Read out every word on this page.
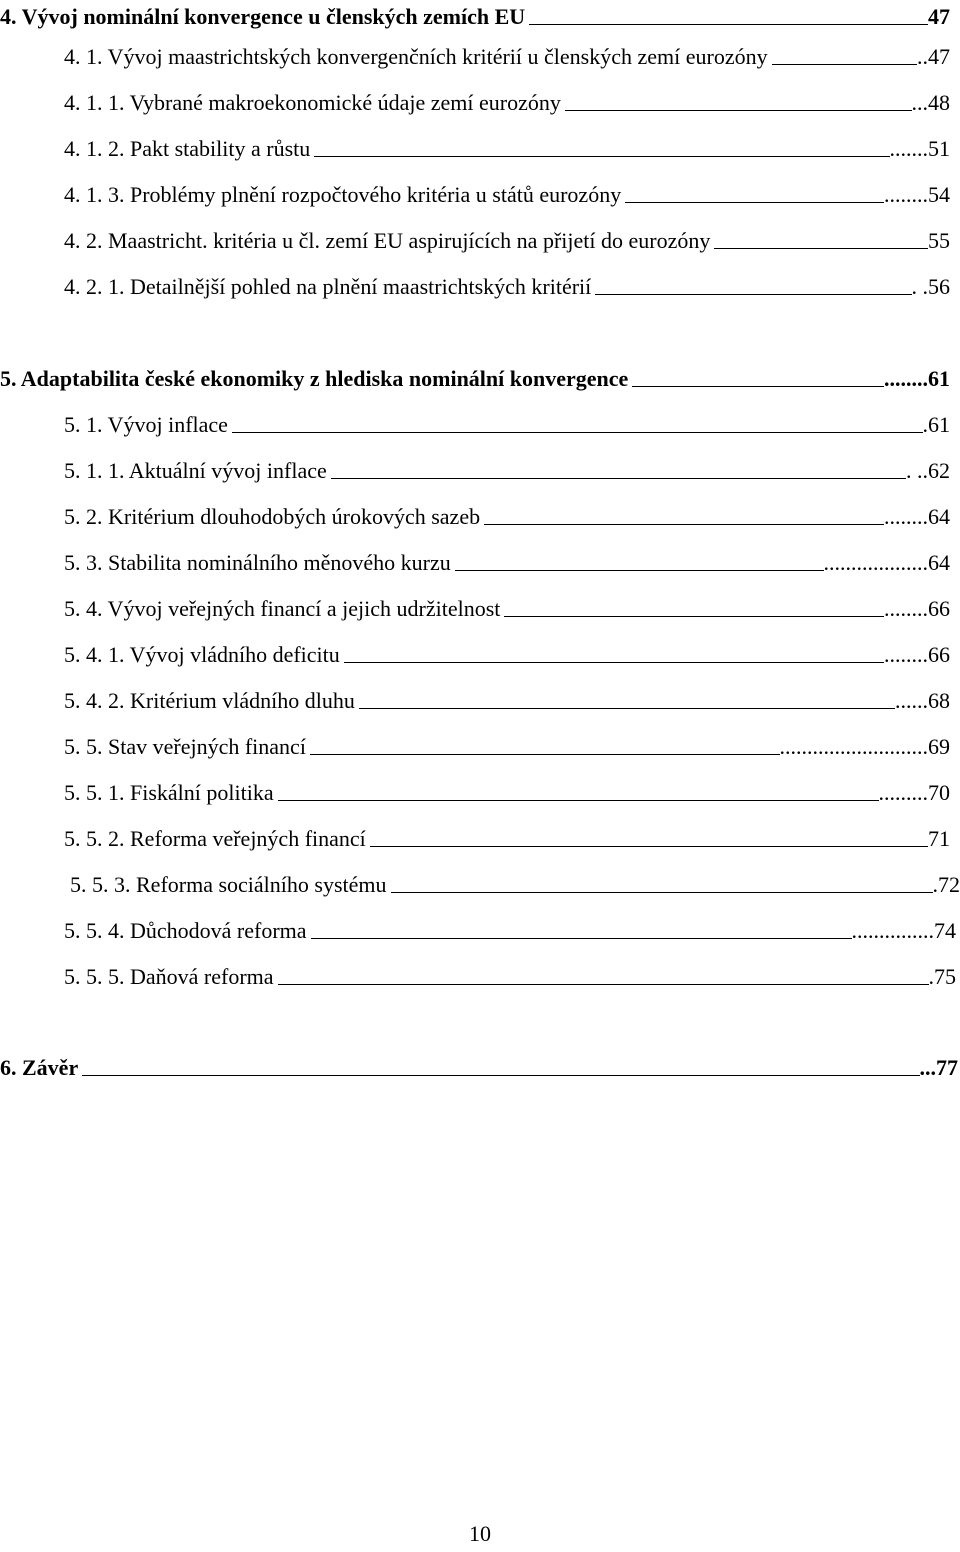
4. Vývoj nominální konvergence u členských zemích EU	47
4. 1. Vývoj maastrichtských konvergenčních kritérií u členských zemí eurozóny	..47
4. 1. 1. Vybrané makroekonomické údaje zemí eurozóny	...48
4. 1. 2. Pakt stability a růstu	.......51
4. 1. 3. Problémy plnění rozpočtového kritéria u států eurozóny	........54
4. 2. Maastricht. kritéria u čl. zemí EU aspirujících na přijetí do eurozóny	55
4. 2. 1. Detailnější pohled na plnění maastrichtských kritérií	. .56
5. Adaptabilita české ekonomiky z hlediska nominální konvergence	........61
5. 1. Vývoj inflace	.61
5. 1. 1. Aktuální vývoj inflace	. ..62
5. 2. Kritérium dlouhodobých úrokových sazeb	........64
5. 3. Stabilita nominálního měnového kurzu	...................64
5. 4. Vývoj veřejných financí a jejich udržitelnost	........66
5. 4. 1. Vývoj vládního deficitu	........66
5. 4. 2. Kritérium vládního dluhu	......68
5. 5. Stav veřejných financí	...........................69
5. 5. 1. Fiskální politika	.........70
5. 5. 2. Reforma veřejných financí	71
5. 5. 3. Reforma sociálního systému	.72
5. 5. 4. Důchodová reforma	...............74
5. 5. 5. Daňová reforma	.75
6. Závěr	...77
10
